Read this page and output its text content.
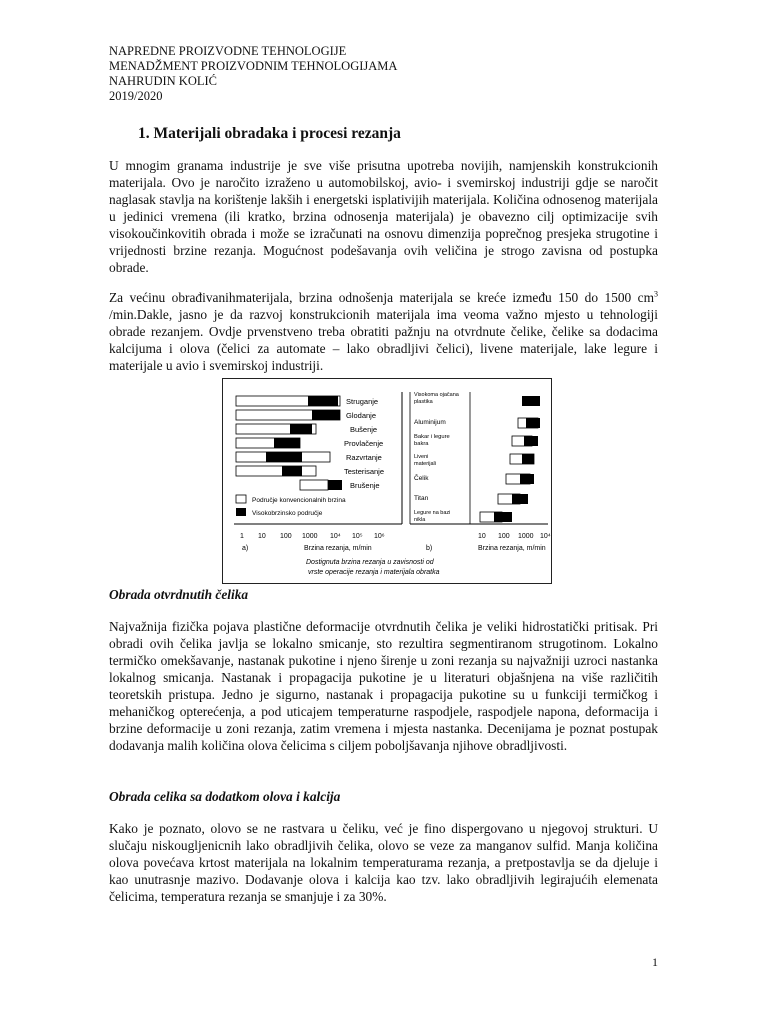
NAPREDNE PROIZVODNE TEHNOLOGIJE
MENADŽMENT PROIZVODNIM TEHNOLOGIJAMA
NAHRUDIN KOLIĆ
2019/2020
1. Materijali obradaka i procesi rezanja

U mnogim granama industrije je sve više prisutna upotreba novijih, namjenskih konstrukcionih materijala. Ovo je naročito izraženo u automobilskoj, avio- i svemirskoj industriji gdje se naročit naglasak stavlja na korištenje lakših i energetski isplativijih materijala. Količina odnosenog materijala u jedinici vremena (ili kratko, brzina odnosenja materijala) je obavezno cilj optimizacije svih visokoučinkovitih obrada i može se izračunati na osnovu dimenzija poprečnog presjeka strugotine i vrijednosti brzine rezanja. Mogućnost podešavanja ovih veličina je strogo zavisna od postupka obrade.

Za većinu obrađivanihmaterijala, brzina odnošenja materijala se kreće između 150 do 1500 $cm^3$ /min.Dakle, jasno je da razvoj konstrukcionih materijala ima veoma važno mjesto u tehnologiji obrade rezanjem. Ovdje prvenstveno treba obratiti pažnju na otvrdnute čelike, čelike sa dodacima kalcijuma i olova (čelici za automate – lako obradljivi čelici), livene materijale, lake legure i materijale u avio i svemirskoj industriji.

Struganje
Glodanje
Bušenje
Provlačenje
Razvrtanje
Testerisanje
Brušenje
Područje konvencionalnih brzina
Visokobrzinsko područje
1 10 100 1000 10⁴ 10⁵ 10⁶
a)	Brzina rezanja, m/min
Visokoma ojačana
plastika
Aluminijum
Bakar i legure
bakra
Liveni
materijali
Čelik
Titan
Legure na bazi
nikla
10 100 1000 10⁴
b)	Brzina rezanja, m/min
Dostignuta brzina rezanja u zavisnosti od
vrste operacije rezanja i materijala obratka

Obrada otvrdnutih čelika

Najvažnija fizička pojava plastične deformacije otvrdnutih čelika je veliki hidrostatički pritisak. Pri obradi ovih čelika javlja se lokalno smicanje, sto rezultira segmentiranom strugotinom. Lokalno termičko omekšavanje, nastanak pukotine i njeno širenje u zoni rezanja su najvažniji uzroci nastanka lokalnog smicanja. Nastanak i propagacija pukotine je u literaturi objašnjena na više različitih teoretskih pristupa. Jedno je sigurno, nastanak i propagacija pukotine su u funkciji termičkog i mehaničkog opterećenja, a pod uticajem temperaturne raspodjele, raspodjele napona, deformacija i brzine deformacije u zoni rezanja, zatim vremena i mjesta nastanka. Decenijama je poznat postupak dodavanja malih količina olova čelicima s ciljem poboljšavanja njihove obradljivosti.

Obrada celika sa dodatkom olova i kalcija

Kako je poznato, olovo se ne rastvara u čeliku, već je fino dispergovano u njegovoj strukturi. U slučaju niskougljenicnih lako obradljivih čelika, olovo se veze za manganov sulfid. Manja količina olova povećava krtost materijala na lokalnim temperaturama rezanja, a pretpostavlja se da djeluje i kao unutrasnje mazivo. Dodavanje olova i kalcija kao tzv. lako obradljivih legirajućih elemenata čelicima, temperatura rezanja se smanjuje i za 30%.

1
